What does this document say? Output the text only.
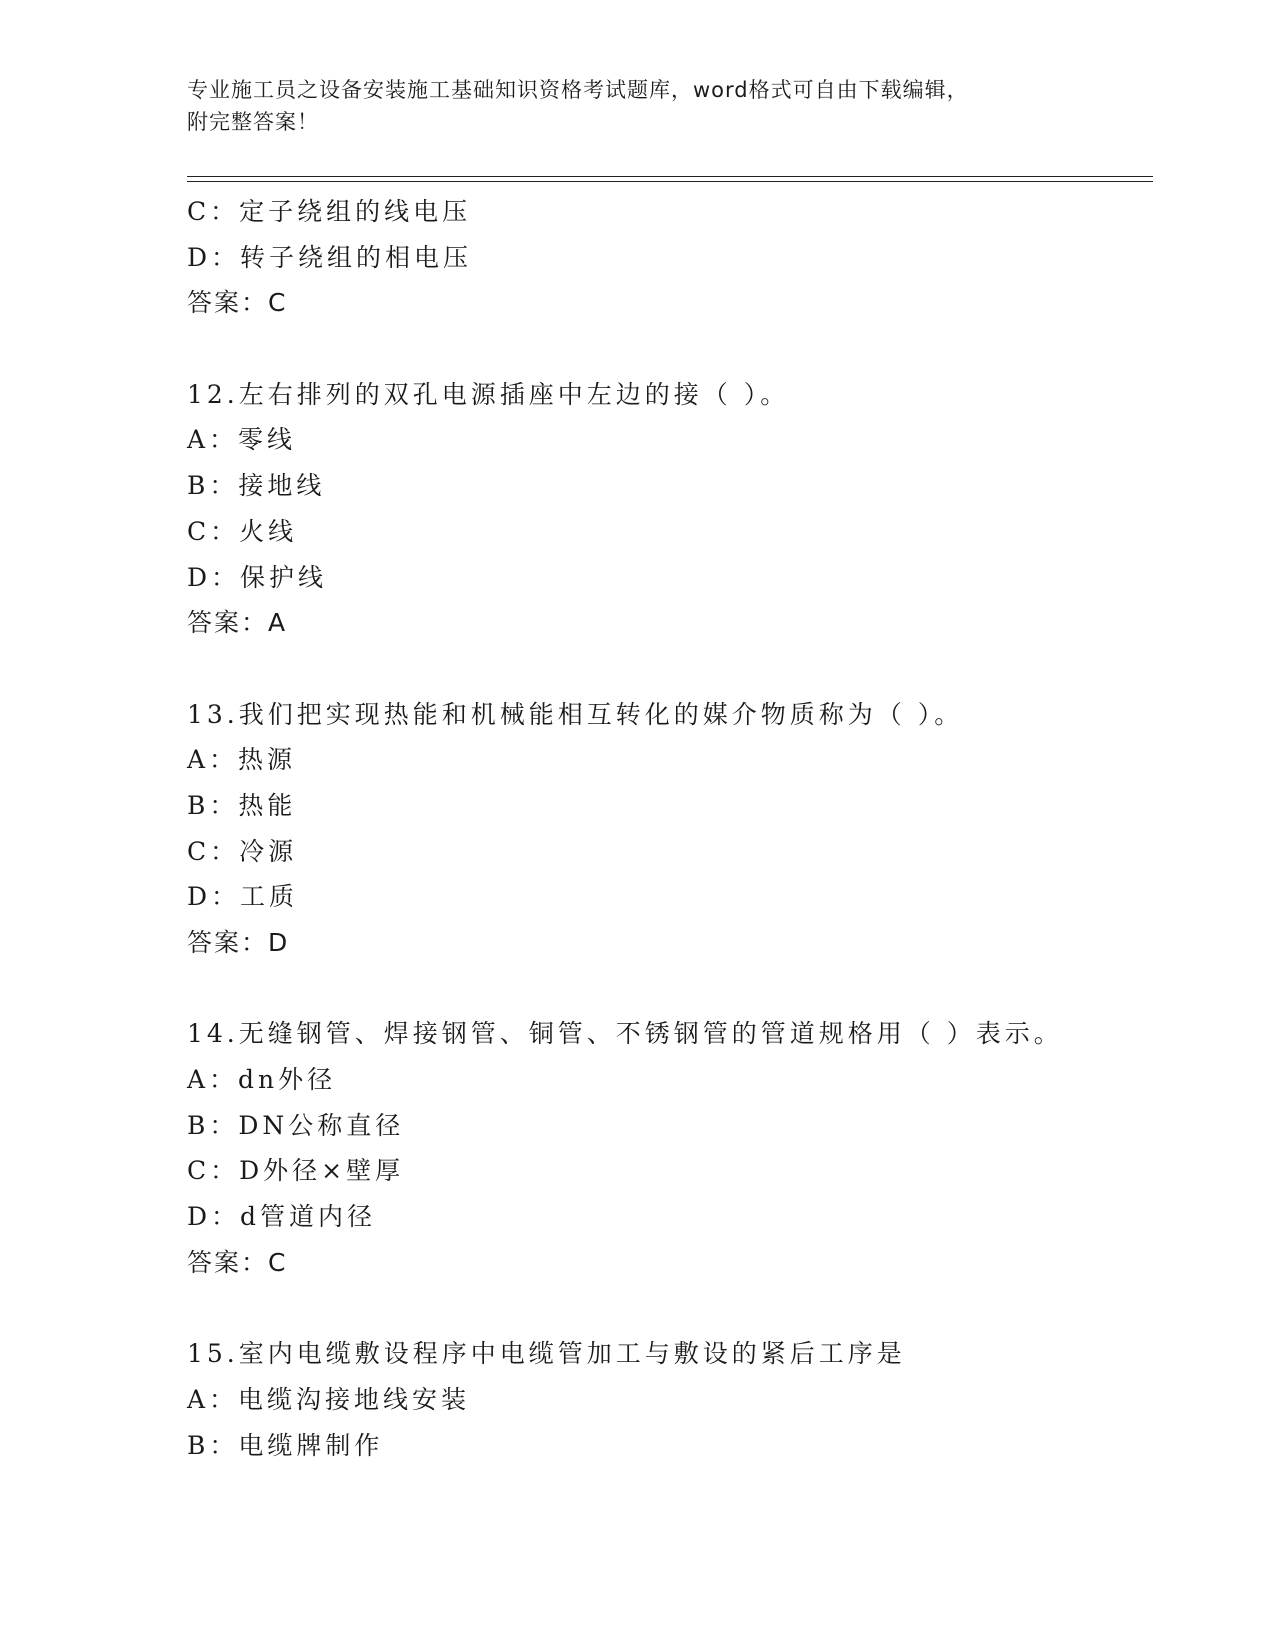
专业施工员之设备安装施工基础知识资格考试题库，word格式可自由下载编辑，
附完整答案！
C：定子绕组的线电压
D：转子绕组的相电压
答案：C
12.左右排列的双孔电源插座中左边的接（ ）。
A：零线
B：接地线
C：火线
D：保护线
答案：A
13.我们把实现热能和机械能相互转化的媒介物质称为（ ）。
A：热源
B：热能
C：冷源
D：工质
答案：D
14.无缝钢管、焊接钢管、铜管、不锈钢管的管道规格用（ ）表示。
A：dn外径
B：DN公称直径
C：D外径×壁厚
D：d管道内径
答案：C
15.室内电缆敷设程序中电缆管加工与敷设的紧后工序是
A：电缆沟接地线安装
B：电缆牌制作
